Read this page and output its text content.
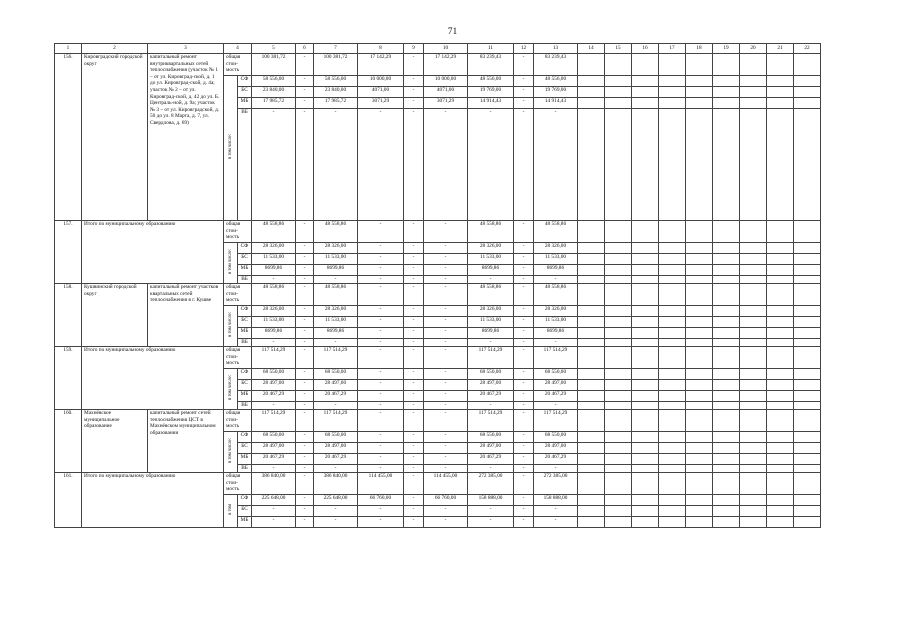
71
1	2	3	4		5	6	7	8	9	10	11	12	13	14	15	16	17	18	19	20	21	22
156.	Кировградский городской округ	капитальный ремонт внутриквартальных сетей теплоснабжения (участок № 1 – от ул. Кировград-ской, д. 1 до ул. Кировград-ской, д. 4а; участок № 2 – от ул. Кировград-ской, д. 42 до ул. Б. Централь-ной, д. 9а; участок № 3 – от ул. Кировградской, д. 50 до ул. 8 Марта, д. 7, ул. Свердлова, д. 69)	общая стои-мость		100 381,72	-	100 381,72	17 142,29	-	17 142,29	83 239,43	-	83 239,43									
			в том числе:	СФ	58 556,00	-	58 556,00	10 000,00	-	10 000,00	48 556,00	-	48 556,00									
				БС	23 840,00	-	23 840,00	4071,00	-	4071,00	19 769,00	-	19 769,00									
				МБ	17 985,72	-	17 985,72	3071,29	-	3071,29	14 914,43	-	14 914,43									
				ВБ	-	-	-	-	-	-	-	-	-									
157.	Итого по муниципальному образованию		общая стои-мость		48 558,86	-	48 558,86	-	-	-	48 558,86	-	48 558,86									
			в том числе:	СФ	28 326,00	-	28 326,00	-	-	-	28 326,00	-	28 326,00									
				БС	11 533,00	-	11 533,00	-	-	-	11 533,00	-	11 533,00									
				МБ	8699,86	-	8699,86	-	-	-	8699,86	-	8699,86									
				ВБ	-	-	-	-	-	-	-	-	-									
158.	Кушвинский городской округ	капитальный ремонт участков квартальных сетей теплоснабжения в г. Кушве	общая стои-мость		48 558,86	-	48 558,86	-	-	-	48 558,86	-	48 558,86									
			в том числе:	СФ	28 326,00	-	28 326,00	-	-	-	28 326,00	-	28 326,00									
				БС	11 533,00	-	11 533,00	-	-	-	11 533,00	-	11 533,00									
				МБ	8699,86	-	8699,86	-	-	-	8699,86	-	8699,86									
				ВБ	-	-	-	-	-	-	-	-	-									
159.	Итого по муниципальному образованию		общая стои-мость		117 514,29	-	117 514,29	-	-	-	117 514,29	-	117 514,29									
			в том числе:	СФ	68 550,00	-	68 550,00	-	-	-	68 550,00	-	68 550,00									
				БС	28 497,00	-	28 497,00	-	-	-	28 497,00	-	28 497,00									
				МБ	20 467,29	-	20 467,29	-	-	-	20 467,29	-	20 467,29									
				ВБ	-	-	-	-	-	-	-	-	-									
160.	Махнёвское муниципальное образование	капитальный ремонт сетей теплоснабжения ЦСТ в Махнёвском муниципальном образовании	общая стои-мость		117 514,29	-	117 514,29	-	-	-	117 514,29	-	117 514,29									
			в том числе:	СФ	68 550,00	-	68 550,00	-	-	-	68 550,00	-	68 550,00									
				БС	28 497,00	-	28 497,00	-	-	-	28 497,00	-	28 497,00									
				МБ	20 467,29	-	20 467,29	-	-	-	20 467,29	-	20 467,29									
				ВБ	-	-	-	-	-	-	-	-	-									
161.	Итого по муниципальному образованию		общая стои-мость		386 840,00	-	386 840,00	114 455,00	-	114 455,00	272 385,00	-	272 385,00									
			в том	СФ	225 648,00	-	225 648,00	66 760,00	-	66 760,00	158 888,00	-	158 888,00									
				БС	-	-	-	-	-	-	-	-	-									
				МБ	-	-	-	-	-	-	-	-	-									
